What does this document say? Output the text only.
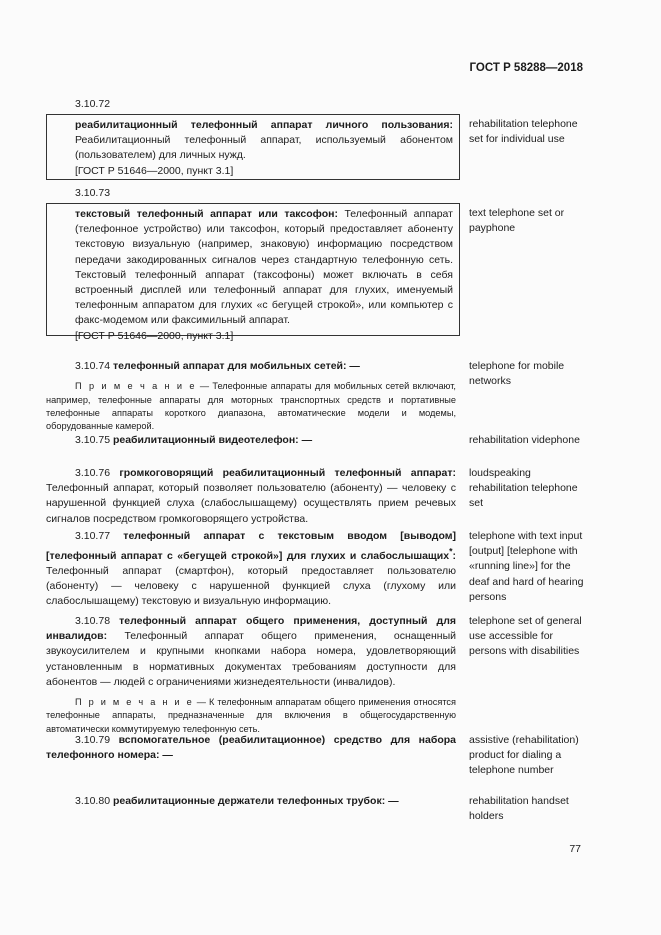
ГОСТ Р 58288—2018
3.10.72

реабилитационный телефонный аппарат личного пользования: Реабилитационный телефонный аппарат, используемый абонентом (пользователем) для личных нужд.

[ГОСТ Р 51646—2000, пункт 3.1]

rehabilitation telephone set for individual use
3.10.73

текстовый телефонный аппарат или таксофон: Телефонный аппарат (телефонное устройство) или таксофон, который предоставляет абоненту текстовую визуальную (например, знаковую) информацию посредством передачи закодированных сигналов через стандартную телефонную сеть. Текстовый телефонный аппарат (таксофоны) может включать в себя встроенный дисплей или телефонный аппарат для глухих, именуемый телефонным аппаратом для глухих «с бегущей строкой», или компьютер с факс-модемом или факсимильный аппарат.

[ГОСТ Р 51646—2000, пункт 3.1]

text telephone set or payphone

3.10.74 телефонный аппарат для мобильных сетей: —

П р и м е ч а н и е — Телефонные аппараты для мобильных сетей включают, например, телефонные аппараты для моторных транспортных средств и портативные телефонные аппараты короткого диапазона, автоматические модели и модемы, оборудованные камерой.

telephone for mobile networks

3.10.75 реабилитационный видеотелефон: —	rehabilitation videphone

3.10.76 громкоговорящий реабилитационный телефонный аппарат: Телефонный аппарат, который позволяет пользователю (абоненту) — человеку с нарушенной функцией слуха (слабослышащему) осуществлять прием речевых сигналов посредством громкоговорящего устройства.

loudspeaking rehabilitation telephone set

3.10.77 телефонный аппарат с текстовым вводом [выводом] [телефонный аппарат с «бегущей строкой»] для глухих и слабослышащих*: Телефонный аппарат (смартфон), который предоставляет пользователю (абоненту) — человеку с нарушенной функцией слуха (глухому или слабослышащему) текстовую и визуальную информацию.

telephone with text input [output] [telephone with «running line»] for the deaf and hard of hearing persons

3.10.78 телефонный аппарат общего применения, доступный для инвалидов: Телефонный аппарат общего применения, оснащенный звукоусилителем и крупными кнопками набора номера, удовлетворяющий установленным в нормативных документах требованиям доступности для абонентов — людей с ограничениями жизнедеятельности (инвалидов).

П р и м е ч а н и е — К телефонным аппаратам общего применения относятся телефонные аппараты, предназначенные для включения в общегосударственную автоматически коммутируемую телефонную сеть.

telephone set of general use accessible for persons with disabilities

3.10.79 вспомогательное (реабилитационное) средство для набора телефонного номера: —

assistive (rehabilitation) product for dialing a telephone number

3.10.80 реабилитационные держатели телефонных трубок: —	rehabilitation handset holders
77
